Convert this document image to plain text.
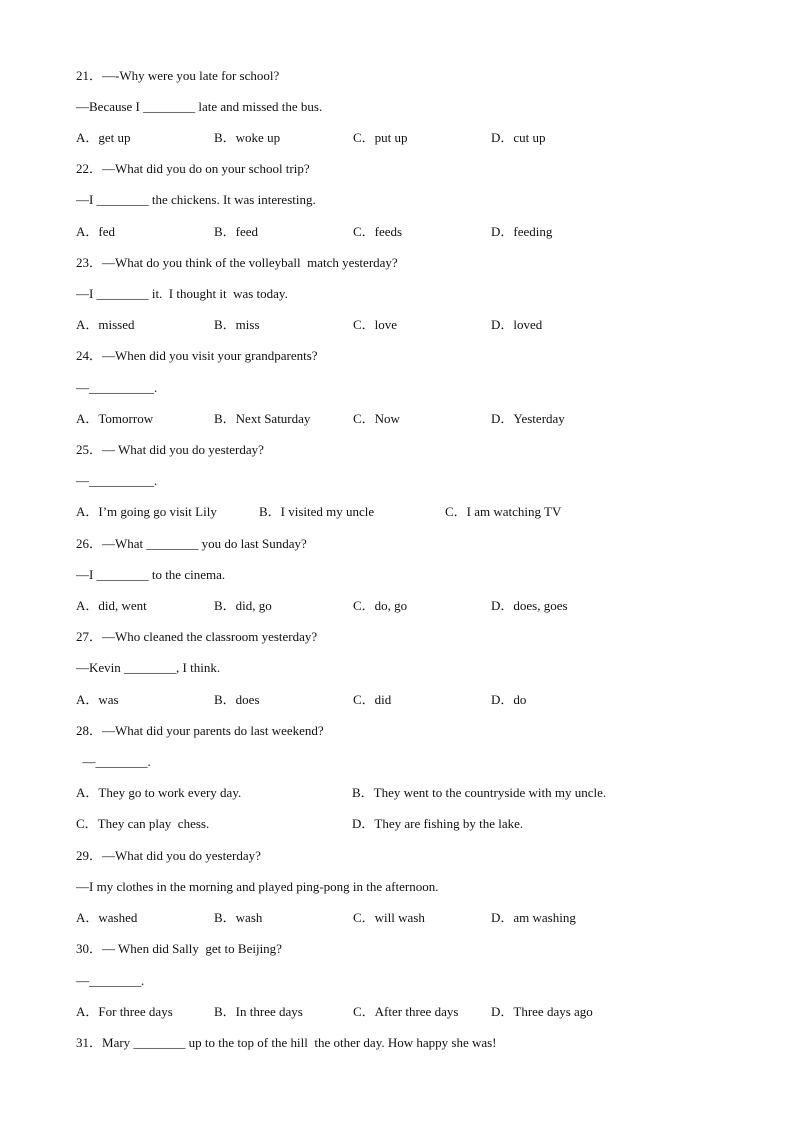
21．—-Why were you late for school?
—Because I ________ late and missed the bus.
A．get up	B．woke up	C．put up	D．cut up
22．—What did you do on your school trip?
—I ________ the chickens. It was interesting.
A．fed	B．feed	C．feeds	D．feeding
23．—What do you think of the volleyball  match yesterday?
—I ________ it.  I thought it  was today.
A．missed	B．miss	C．love	D．loved
24．—When did you visit your grandparents?
—__________.
A．Tomorrow	B．Next Saturday	C．Now	D．Yesterday
25．— What did you do yesterday?
—__________.
A．I’m going go visit Lily	B．I visited my uncle	C．I am watching TV
26．—What ________ you do last Sunday?
—I ________ to the cinema.
A．did, went	B．did, go	C．do, go	D．does, goes
27．—Who cleaned the classroom yesterday?
—Kevin ________, I think.
A．was	B．does	C．did	D．do
28．—What did your parents do last weekend?
—________.
A．They go to work every day.	B．They went to the countryside with my uncle.
C．They can play  chess.	D．They are fishing by the lake.
29．—What did you do yesterday?
—I my clothes in the morning and played ping-pong in the afternoon.
A．washed	B．wash	C．will wash	D．am washing
30．— When did Sally  get to Beijing?
—________.
A．For three days	B．In three days	C．After three days	D．Three days ago
31．Mary ________ up to the top of the hill  the other day. How happy she was!
